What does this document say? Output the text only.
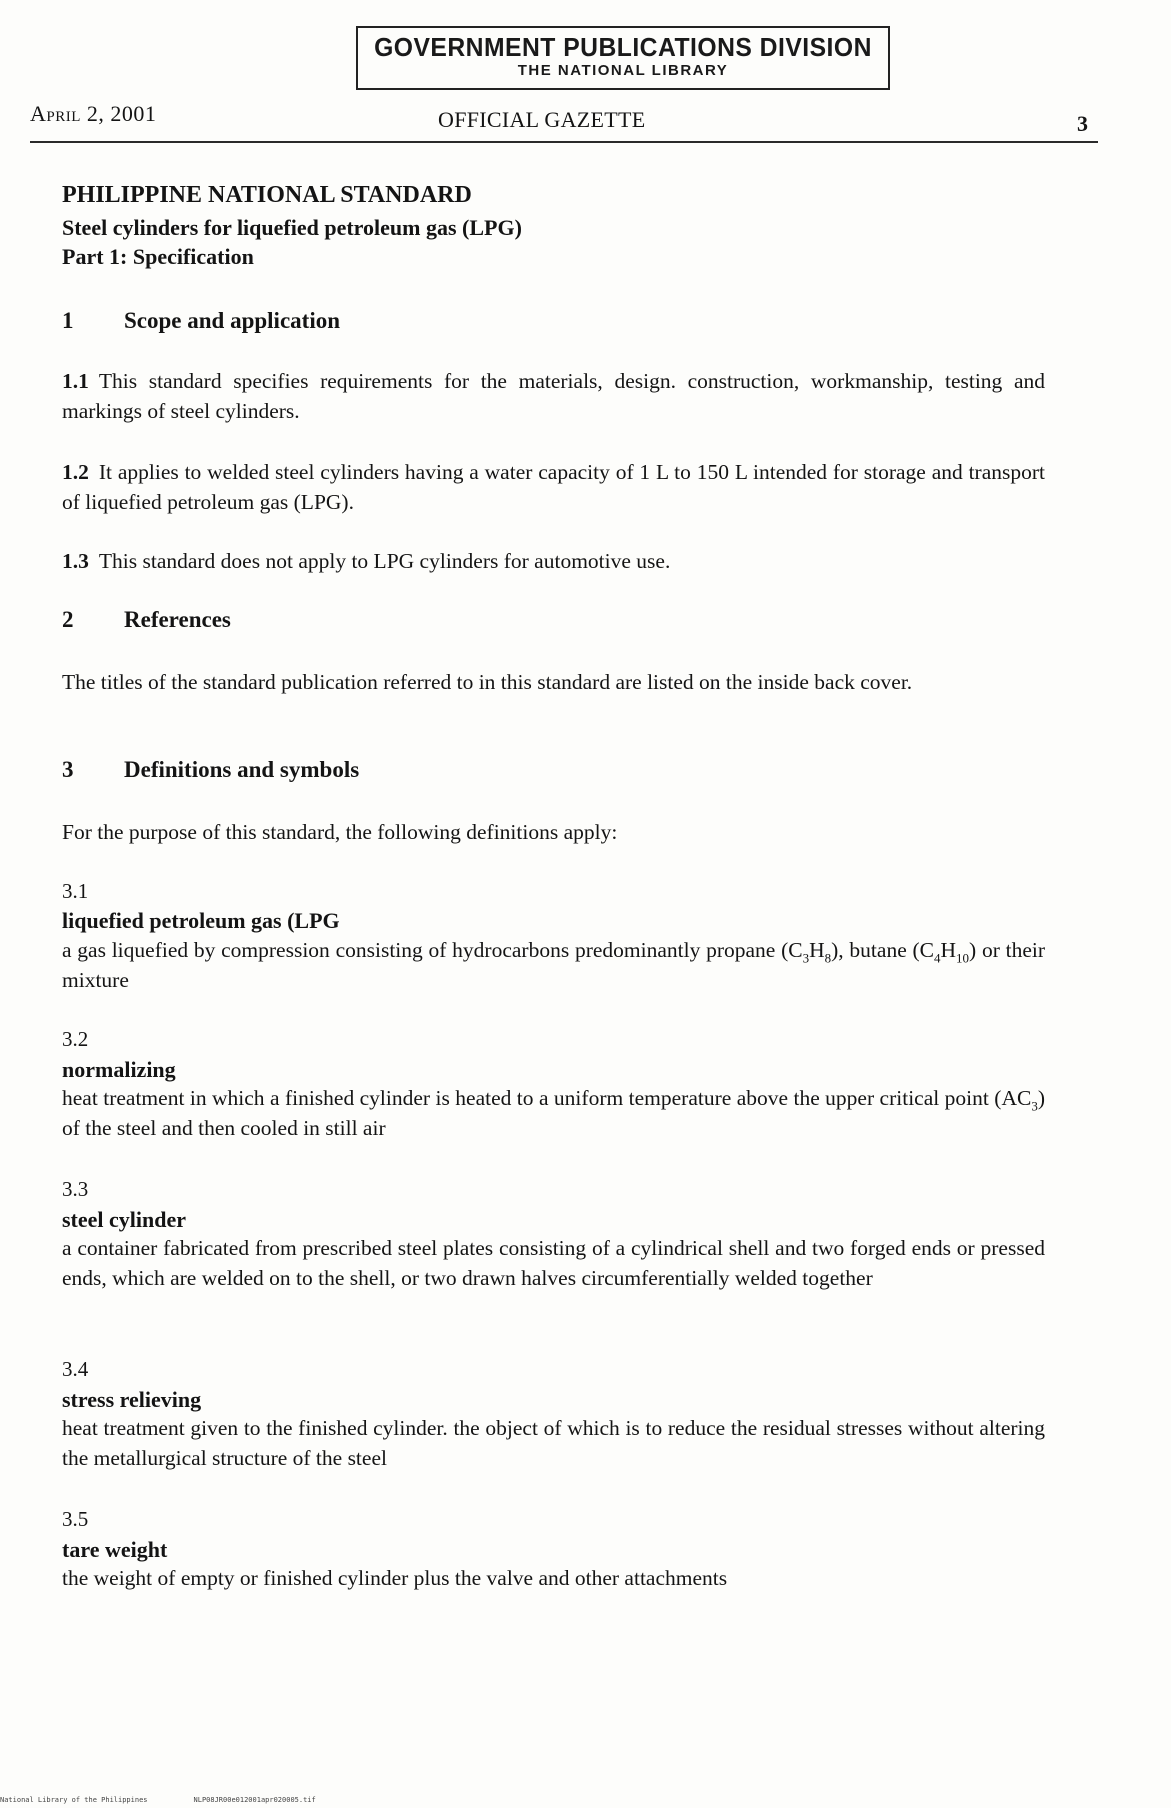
GOVERNMENT PUBLICATIONS DIVISION
THE NATIONAL LIBRARY
April 2, 2001	OFFICIAL GAZETTE	3
PHILIPPINE NATIONAL STANDARD
Steel cylinders for liquefied petroleum gas (LPG)
Part 1: Specification
1 Scope and application
1.1 This standard specifies requirements for the materials, design. construction, workmanship, testing and markings of steel cylinders.
1.2 It applies to welded steel cylinders having a water capacity of 1 L to 150 L intended for storage and transport of liquefied petroleum gas (LPG).
1.3 This standard does not apply to LPG cylinders for automotive use.
2 References
The titles of the standard publication referred to in this standard are listed on the inside back cover.
3 Definitions and symbols
For the purpose of this standard, the following definitions apply:
3.1
liquefied petroleum gas (LPG
a gas liquefied by compression consisting of hydrocarbons predominantly propane $(C_3H_8)$, butane $(C_4H_{10})$ or their mixture
3.2
normalizing
heat treatment in which a finished cylinder is heated to a uniform temperature above the upper critical point $(AC_3)$ of the steel and then cooled in still air
3.3
steel cylinder
a container fabricated from prescribed steel plates consisting of a cylindrical shell and two forged ends or pressed ends, which are welded on to the shell, or two drawn halves circumferentially welded together
3.4
stress relieving
heat treatment given to the finished cylinder. the object of which is to reduce the residual stresses without altering the metallurgical structure of the steel
3.5
tare weight
the weight of empty or finished cylinder plus the valve and other attachments
National Library of the Philippines	NLP08JR00e012001apr020005.tif
